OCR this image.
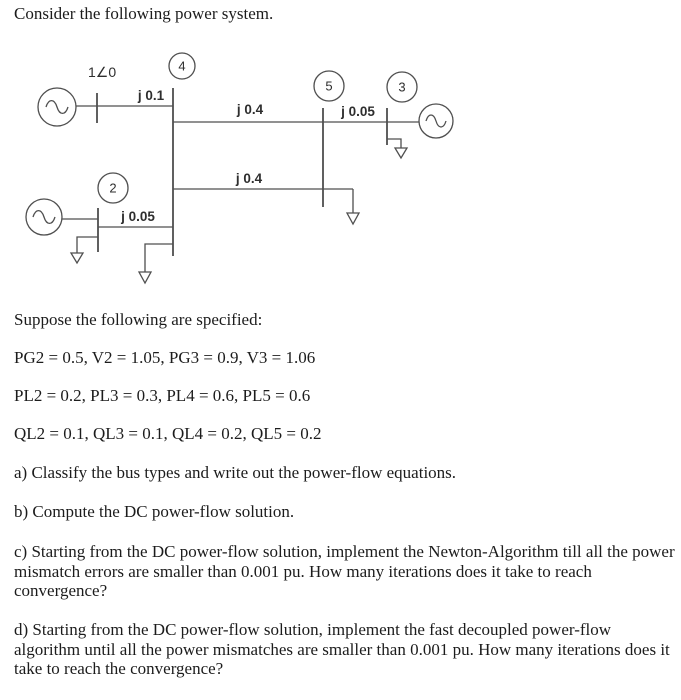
Consider the following power system.
1∠0
j 0.1
4
j 0.4
5
j 0.05
3
j 0.4
2
j 0.05
Suppose the following are specified:
PG2 = 0.5, V2 = 1.05, PG3 = 0.9, V3 = 1.06
PL2 = 0.2, PL3 = 0.3, PL4 = 0.6, PL5 = 0.6
QL2 = 0.1, QL3 = 0.1, QL4 = 0.2, QL5 = 0.2
a) Classify the bus types and write out the power-flow equations.
b) Compute the DC power-flow solution.
c) Starting from the DC power-flow solution, implement the Newton-Algorithm till all the power mismatch errors are smaller than 0.001 pu. How many iterations does it take to reach convergence?
d) Starting from the DC power-flow solution, implement the fast decoupled power-flow algorithm until all the power mismatches are smaller than 0.001 pu. How many iterations does it take to reach the convergence?
